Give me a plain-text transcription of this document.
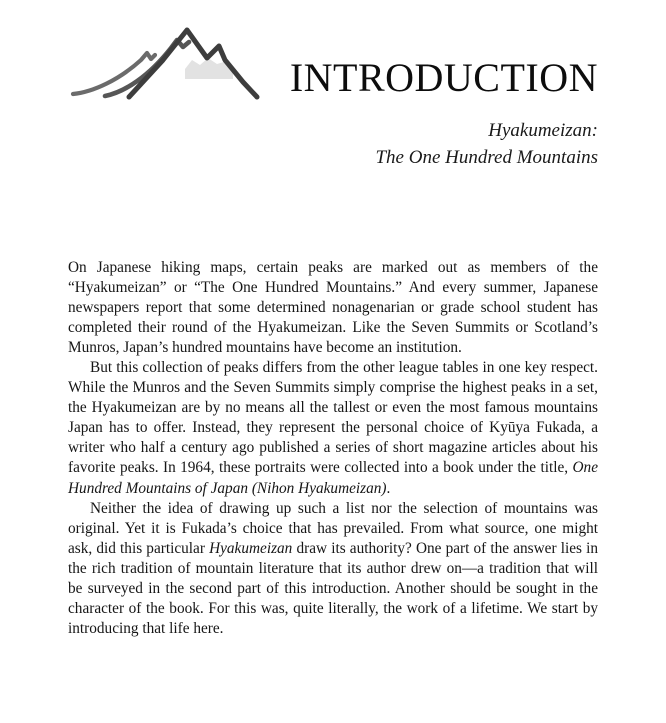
INTRODUCTION
Hyakumeizan:
The One Hundred Mountains

On Japanese hiking maps, certain peaks are marked out as members of the “Hyakumeizan” or “The One Hundred Mountains.” And every summer, Japanese newspapers report that some determined nonagenarian or grade school student has completed their round of the Hyakumeizan. Like the Seven Summits or Scotland’s Munros, Japan’s hundred mountains have become an institution.

But this collection of peaks differs from the other league tables in one key respect. While the Munros and the Seven Summits simply comprise the highest peaks in a set, the Hyakumeizan are by no means all the tallest or even the most famous mountains Japan has to offer. Instead, they represent the personal choice of Kyūya Fukada, a writer who half a century ago published a series of short magazine articles about his favorite peaks. In 1964, these portraits were collected into a book under the title, One Hundred Mountains of Japan (Nihon Hyakumeizan).

Neither the idea of drawing up such a list nor the selection of mountains was original. Yet it is Fukada’s choice that has prevailed. From what source, one might ask, did this particular Hyakumeizan draw its authority? One part of the answer lies in the rich tradition of mountain literature that its author drew on—a tradition that will be surveyed in the second part of this introduction. Another should be sought in the character of the book. For this was, quite literally, the work of a lifetime. We start by introducing that life here.
